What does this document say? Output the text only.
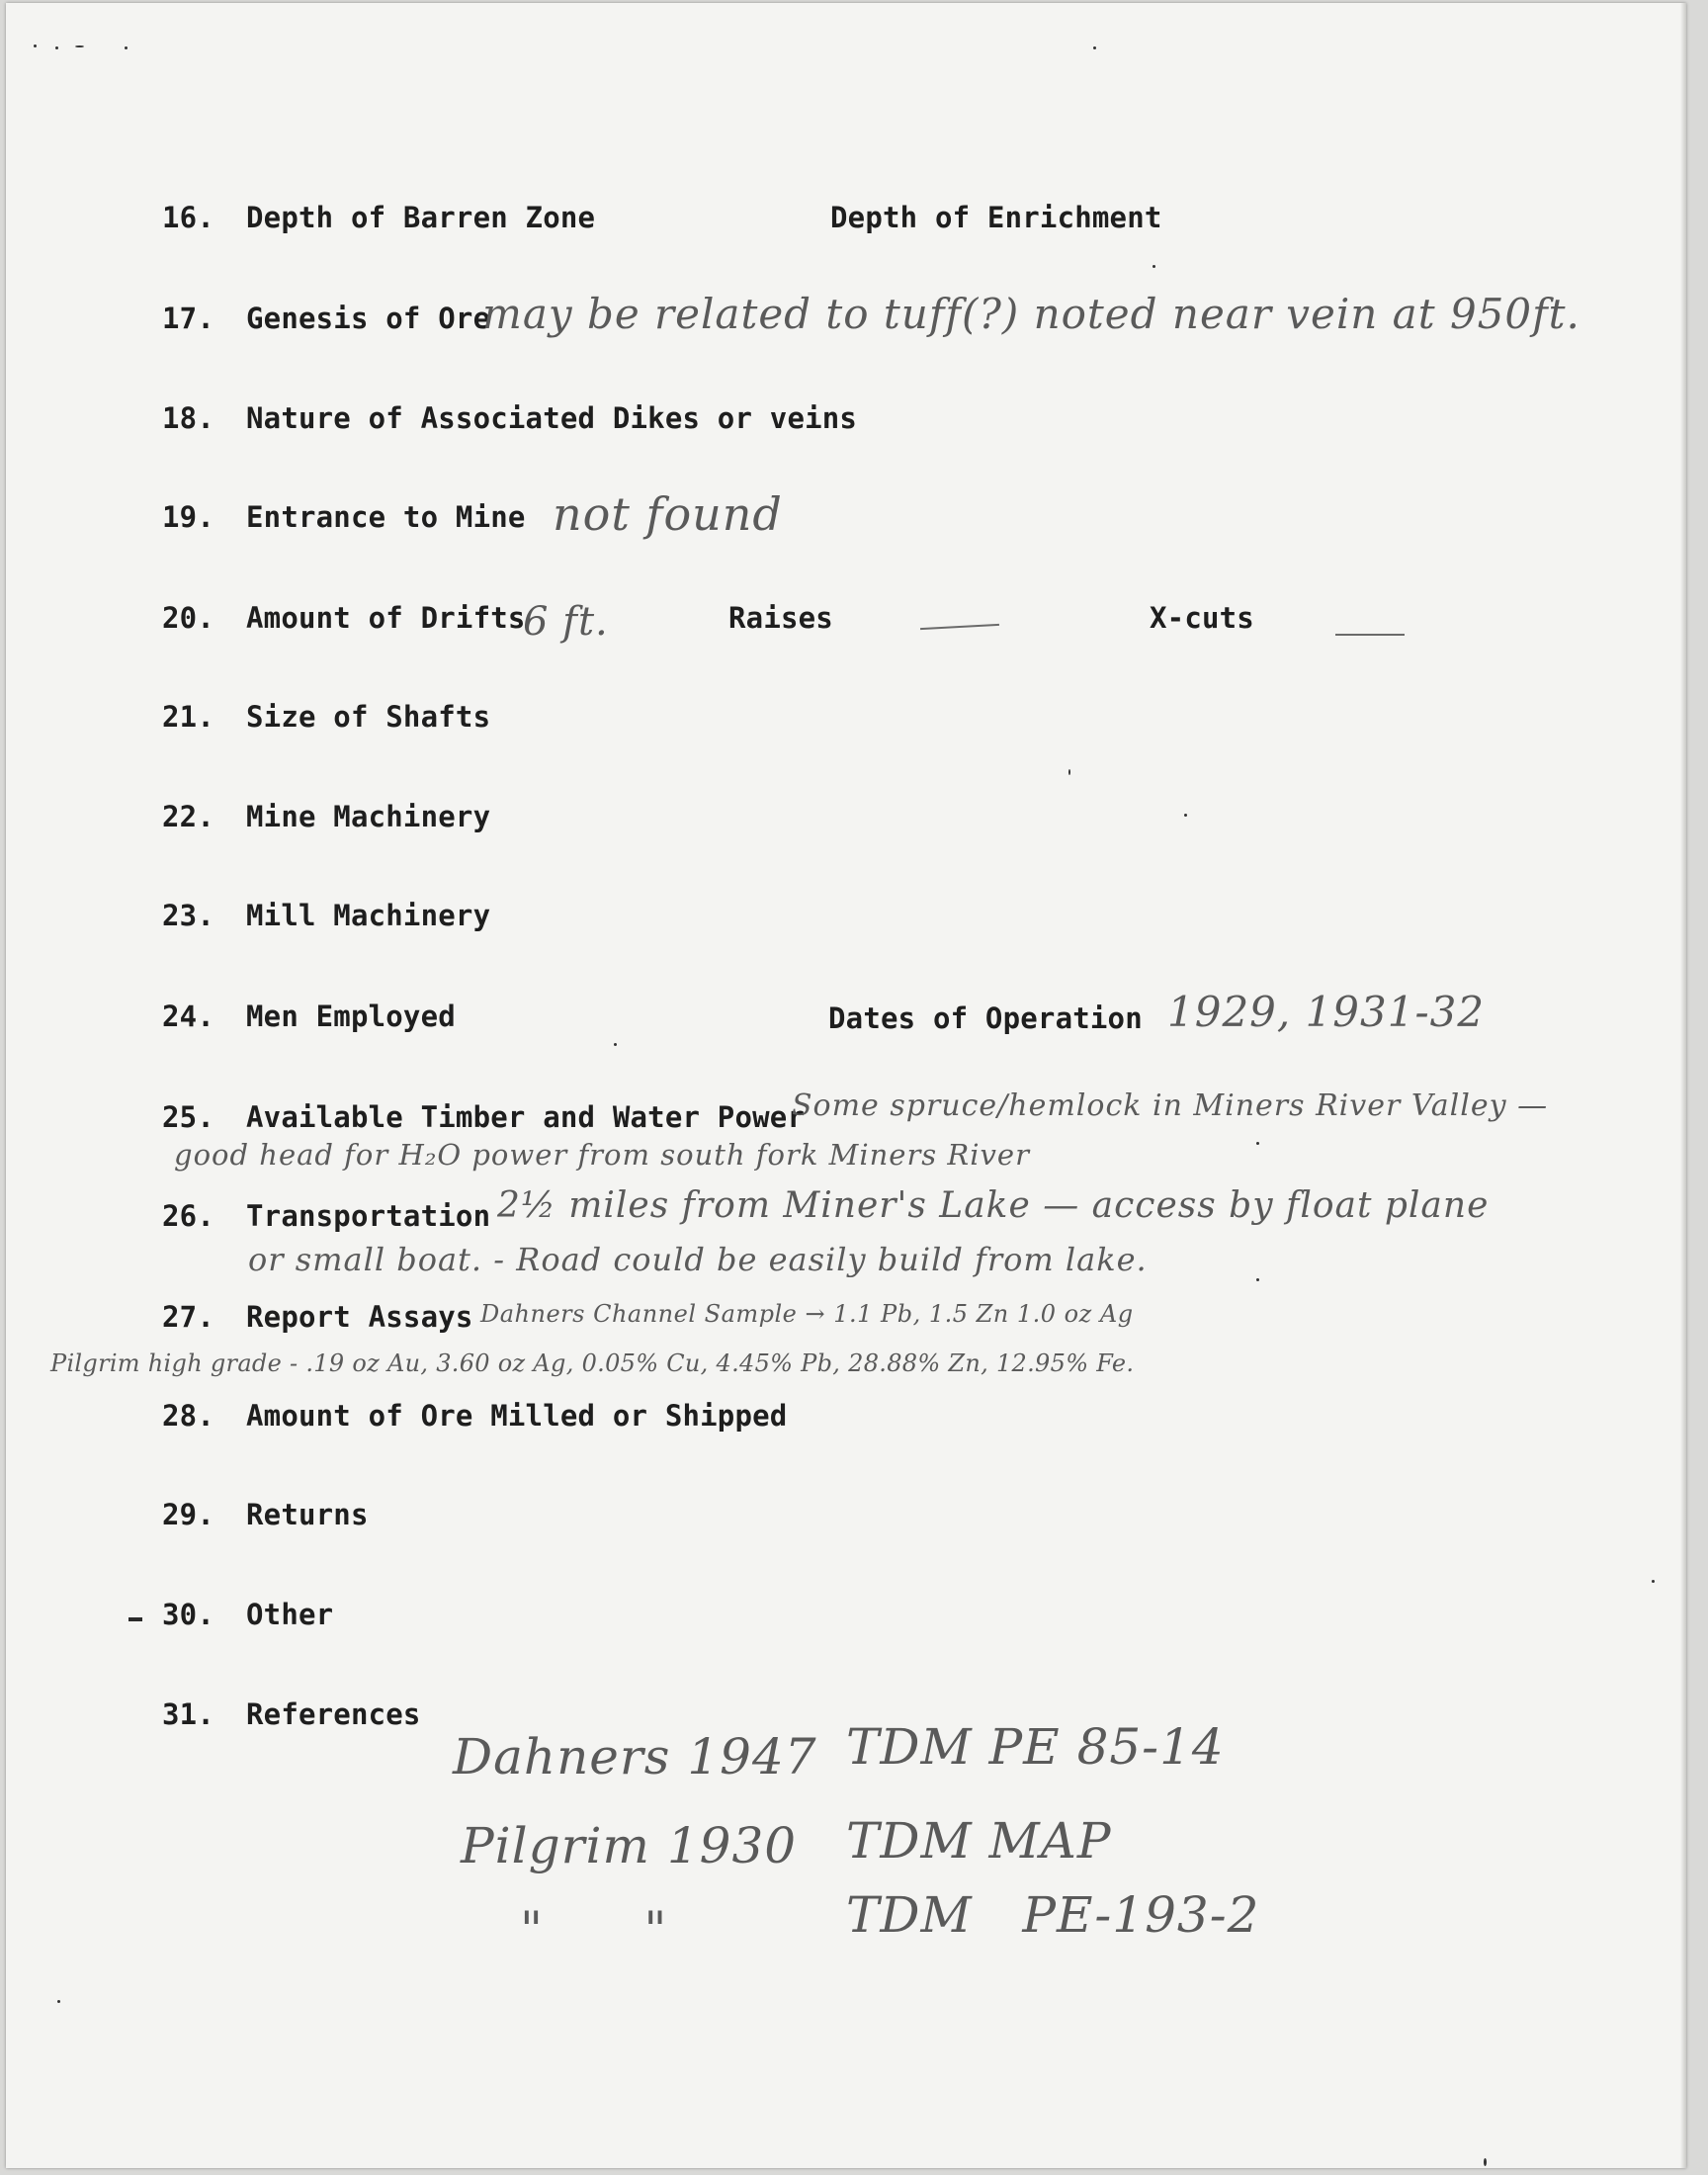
16. Depth of Barren Zone	Depth of Enrichment
17. Genesis of Ore
may be related to tuff(?) noted near vein at 950ft.
18. Nature of Associated Dikes or veins
19. Entrance to Mine not found
20. Amount of Drifts
6 ft.	Raises	X-cuts
21. Size of Shafts
22. Mine Machinery
23. Mill Machinery
24. Men Employed	Dates of Operation 1929, 1931-32
25. Available Timber and Water Power
Some spruce/hemlock in Miners River Valley —
good head for H₂O power from south fork Miners River
26. Transportation 2½ miles from Miner's Lake — access by float plane
or small boat. - Road could be easily build from lake.
27. Report Assays Dahners Channel Sample → 1.1 Pb, 1.5 Zn 1.0 oz Ag
Pilgrim high grade - .19 oz Au, 3.60 oz Ag, 0.05% Cu, 4.45% Pb, 28.88% Zn, 12.95% Fe.
28. Amount of Ore Milled or Shipped
29. Returns
30. Other
31. References
Dahners 1947 TDM PE 85-14
Pilgrim 1930 TDM MAP
"      "	TDM   PE-193-2
